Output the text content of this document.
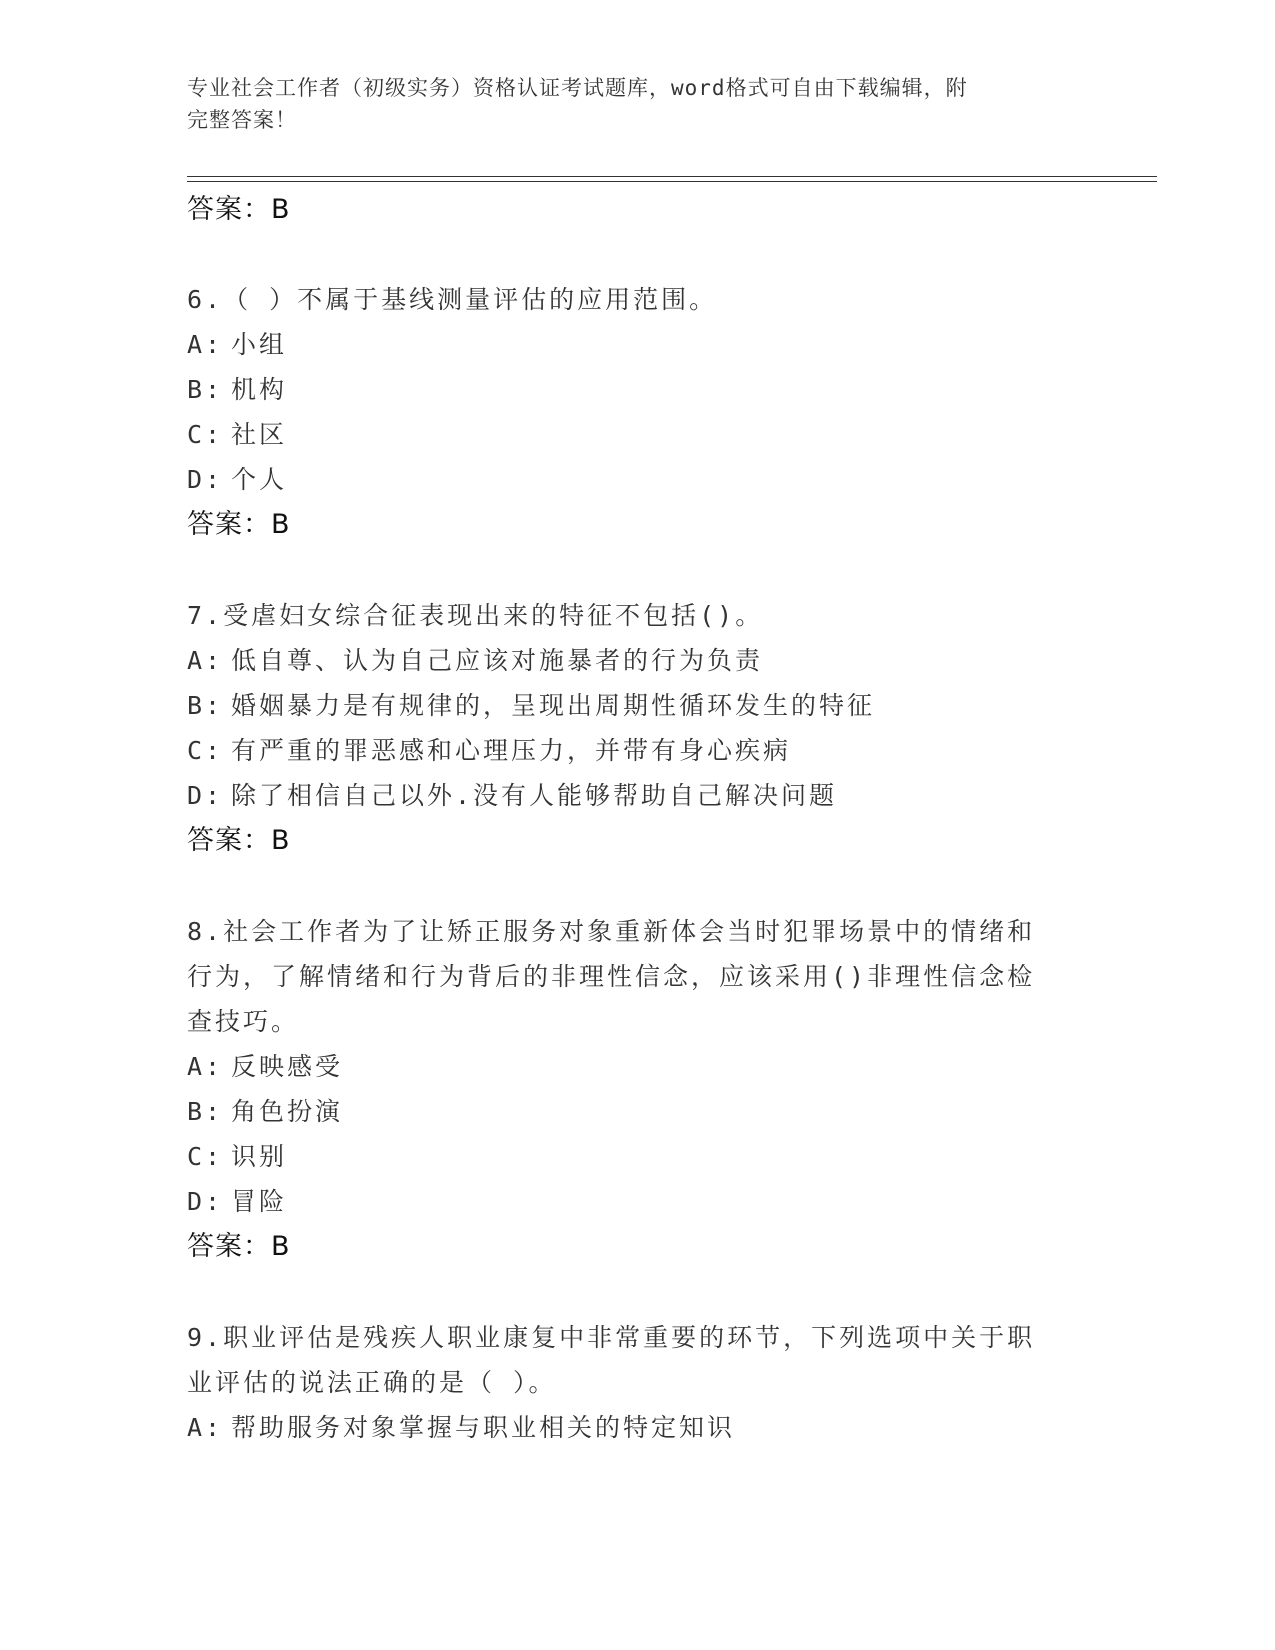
专业社会工作者（初级实务）资格认证考试题库，word格式可自由下载编辑，附
完整答案！
答案：B
6.（ ）不属于基线测量评估的应用范围。
A: 小组
B: 机构
C: 社区
D: 个人
答案：B
7.受虐妇女综合征表现出来的特征不包括()。
A: 低自尊、认为自己应该对施暴者的行为负责
B: 婚姻暴力是有规律的，呈现出周期性循环发生的特征
C: 有严重的罪恶感和心理压力，并带有身心疾病
D: 除了相信自己以外.没有人能够帮助自己解决问题
答案：B
8.社会工作者为了让矫正服务对象重新体会当时犯罪场景中的情绪和
行为，了解情绪和行为背后的非理性信念，应该采用()非理性信念检
查技巧。
A: 反映感受
B: 角色扮演
C: 识别
D: 冒险
答案：B
9.职业评估是残疾人职业康复中非常重要的环节，下列选项中关于职
业评估的说法正确的是（ ）。
A: 帮助服务对象掌握与职业相关的特定知识
